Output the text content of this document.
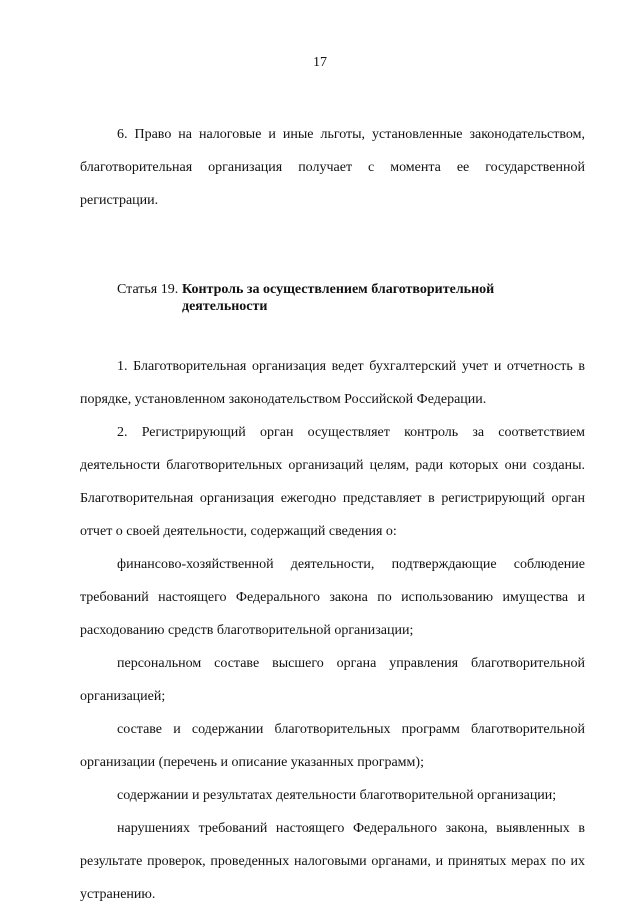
17

6. Право на налоговые и иные льготы, установленные законодательством, благотворительная организация получает с момента ее государственной регистрации.

Статья 19. Контроль за осуществлением благотворительной деятельности

1. Благотворительная организация ведет бухгалтерский учет и отчетность в порядке, установленном законодательством Российской Федерации.

2. Регистрирующий орган осуществляет контроль за соответствием деятельности благотворительных организаций целям, ради которых они созданы. Благотворительная организация ежегодно представляет в регистрирующий орган отчет о своей деятельности, содержащий сведения о:

финансово-хозяйственной деятельности, подтверждающие соблюдение требований настоящего Федерального закона по использованию имущества и расходованию средств благотворительной организации;

персональном составе высшего органа управления благотворительной организацией;

составе и содержании благотворительных программ благотворительной организации (перечень и описание указанных программ);

содержании и результатах деятельности благотворительной организации;

нарушениях требований настоящего Федерального закона, выявленных в результате проверок, проведенных налоговыми органами, и принятых мерах по их устранению.
